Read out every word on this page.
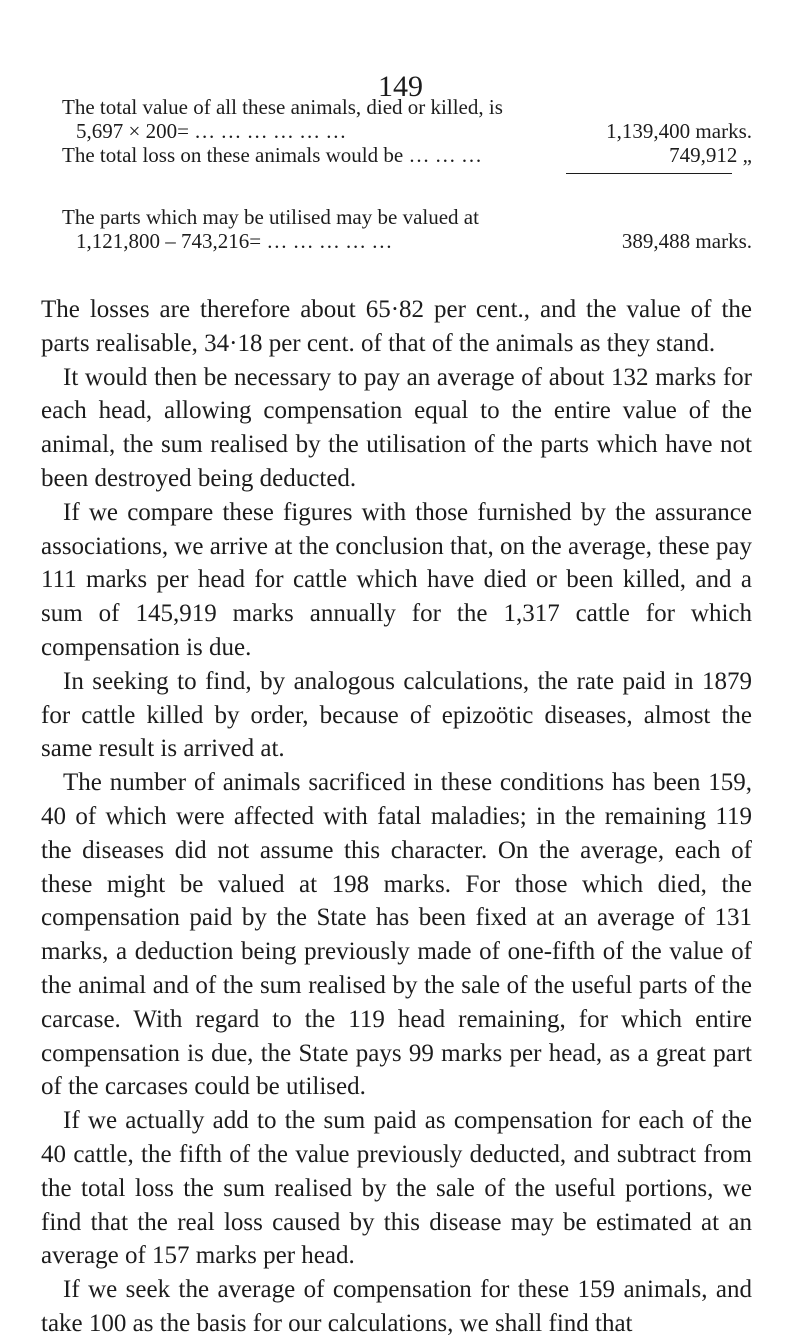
149
The total value of all these animals, died or killed, is
5,697 × 200= … … … … … …	1,139,400 marks.
The total loss on these animals would be … … …	749,912 „
The parts which may be utilised may be valued at
1,121,800 – 743,216= … … … … …	389,488 marks.

The losses are therefore about 65·82 per cent., and the value of the parts realisable, 34·18 per cent. of that of the animals as they stand.

It would then be necessary to pay an average of about 132 marks for each head, allowing compensation equal to the entire value of the animal, the sum realised by the utilisation of the parts which have not been destroyed being deducted.

If we compare these figures with those furnished by the assurance associations, we arrive at the conclusion that, on the average, these pay 111 marks per head for cattle which have died or been killed, and a sum of 145,919 marks annually for the 1,317 cattle for which compensation is due.

In seeking to find, by analogous calculations, the rate paid in 1879 for cattle killed by order, because of epizoötic diseases, almost the same result is arrived at.

The number of animals sacrificed in these conditions has been 159, 40 of which were affected with fatal maladies; in the remaining 119 the diseases did not assume this character. On the average, each of these might be valued at 198 marks. For those which died, the compensation paid by the State has been fixed at an average of 131 marks, a deduction being previously made of one-fifth of the value of the animal and of the sum realised by the sale of the useful parts of the carcase. With regard to the 119 head remaining, for which entire compensation is due, the State pays 99 marks per head, as a great part of the carcases could be utilised.

If we actually add to the sum paid as compensation for each of the 40 cattle, the fifth of the value previously deducted, and subtract from the total loss the sum realised by the sale of the useful portions, we find that the real loss caused by this disease may be estimated at an average of 157 marks per head.

If we seek the average of compensation for these 159 animals, and take 100 as the basis for our calculations, we shall find that
